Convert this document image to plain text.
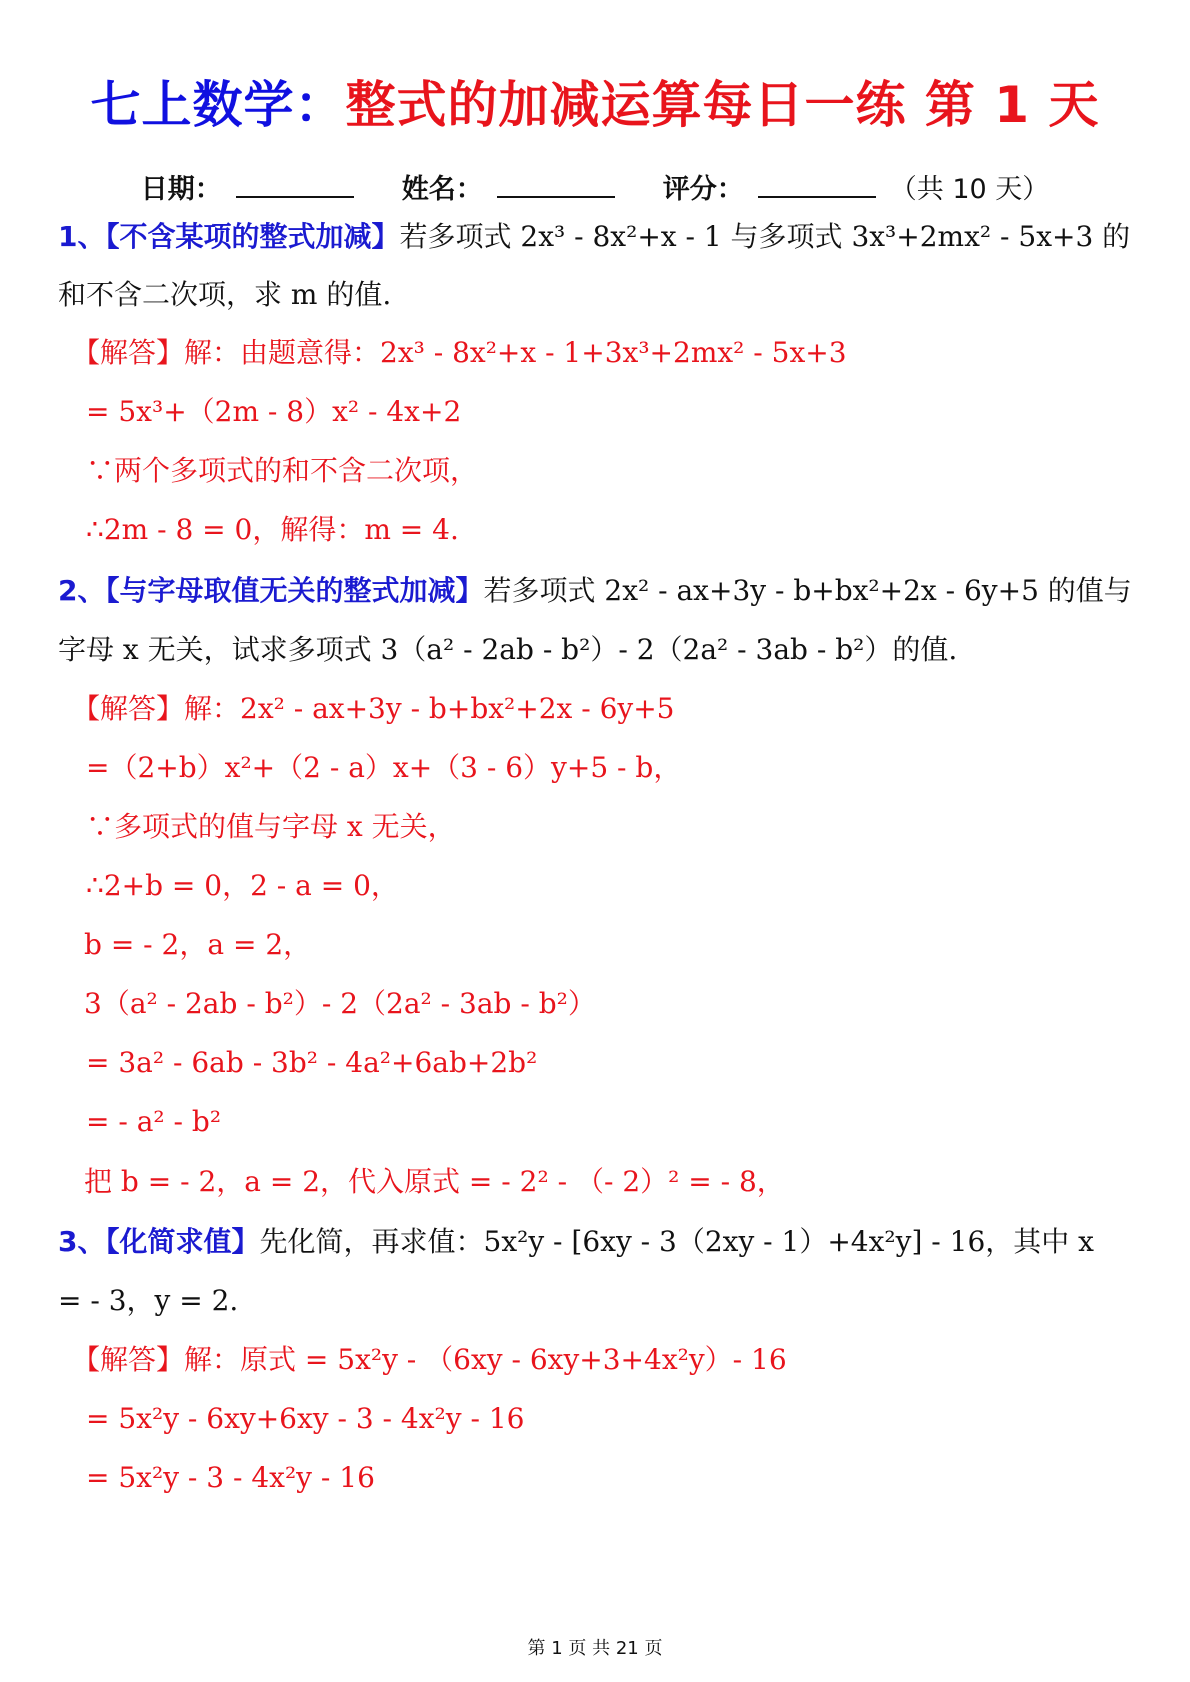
七上数学：整式的加减运算每日一练 第 1 天
日期：	姓名：	评分：	（共 10 天）
1、【不含某项的整式加减】若多项式 2x³ - 8x²+x - 1 与多项式 3x³+2mx² - 5x+3 的
和不含二次项，求 m 的值.
【解答】解：由题意得：2x³ - 8x²+x - 1+3x³+2mx² - 5x+3
= 5x³+（2m - 8）x² - 4x+2
∵两个多项式的和不含二次项，
∴2m - 8 = 0，解得：m = 4.
2、【与字母取值无关的整式加减】若多项式 2x² - ax+3y - b+bx²+2x - 6y+5 的值与
字母 x 无关，试求多项式 3（a² - 2ab - b²）- 2（2a² - 3ab - b²）的值.
【解答】解：2x² - ax+3y - b+bx²+2x - 6y+5
=（2+b）x²+（2 - a）x+（3 - 6）y+5 - b，
∵多项式的值与字母 x 无关，
∴2+b = 0，2 - a = 0，
b = - 2，a = 2，
3（a² - 2ab - b²）- 2（2a² - 3ab - b²）
= 3a² - 6ab - 3b² - 4a²+6ab+2b²
= - a² - b²
把 b = - 2，a = 2，代入原式 = - 2² - （- 2）² = - 8，
3、【化简求值】先化简，再求值：5x²y - [6xy - 3（2xy - 1）+4x²y] - 16，其中 x
= - 3，y = 2.
【解答】解：原式 = 5x²y - （6xy - 6xy+3+4x²y）- 16
= 5x²y - 6xy+6xy - 3 - 4x²y - 16
= 5x²y - 3 - 4x²y - 16
第 1 页 共 21 页
